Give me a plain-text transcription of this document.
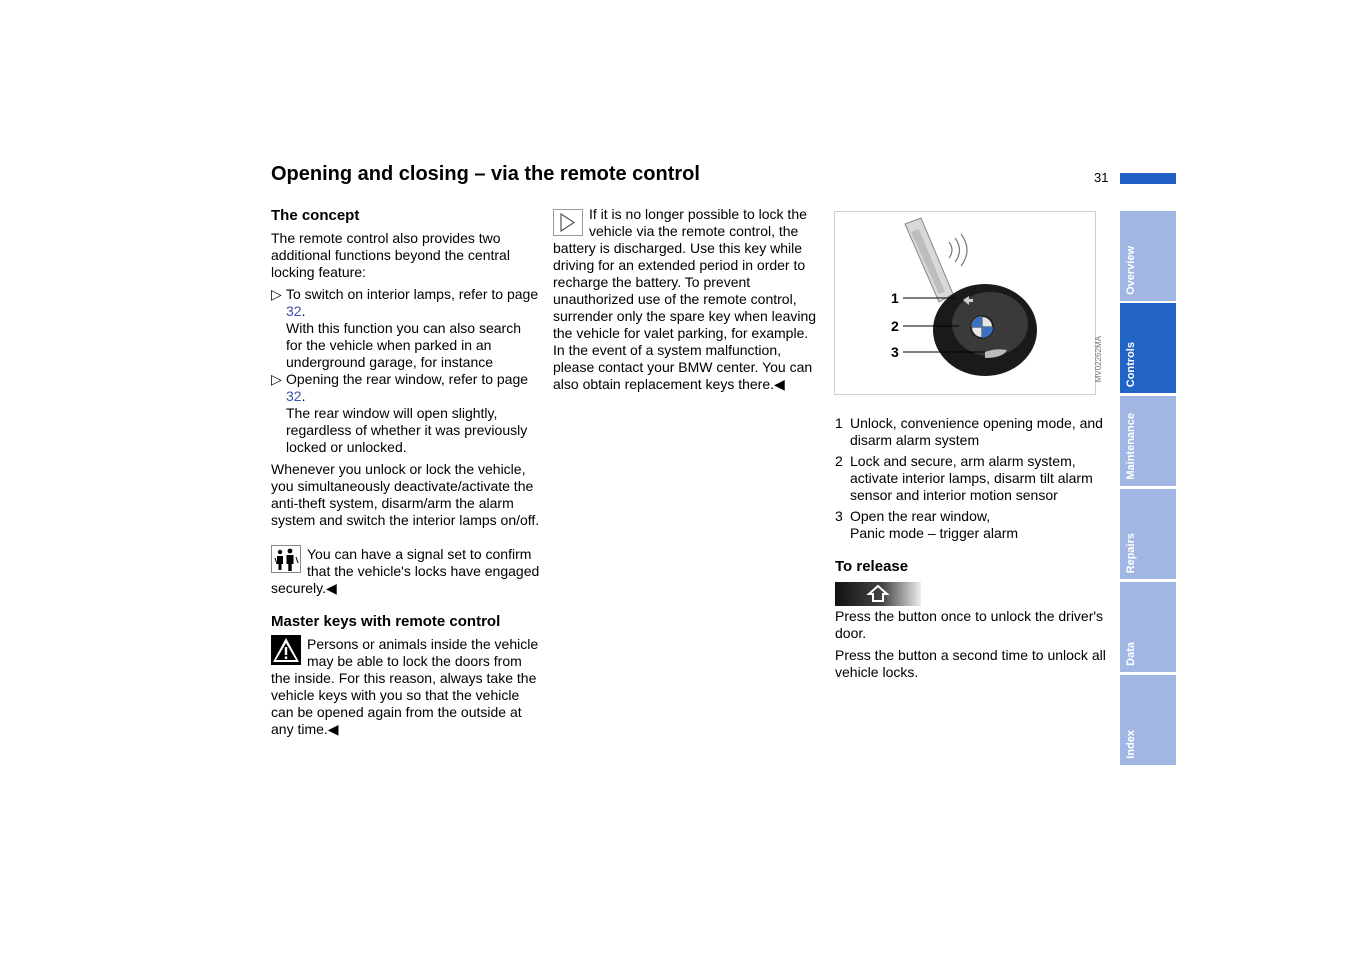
Opening and closing – via the remote control	31
Overview
Controls
Maintenance
Repairs
Data
Index
The concept

The remote control also provides two additional functions beyond the central locking feature:

▷ To switch on interior lamps, refer to page 32.
With this function you can also search for the vehicle when parked in an underground garage, for instance
▷ Opening the rear window, refer to page 32.
The rear window will open slightly, regardless of whether it was previously locked or unlocked.

Whenever you unlock or lock the vehicle, you simultaneously deactivate/activate the anti-theft system, disarm/arm the alarm system and switch the interior lamps on/off.

You can have a signal set to confirm that the vehicle's locks have engaged securely.◀
Master keys with remote control
Persons or animals inside the vehicle may be able to lock the doors from the inside. For this reason, always take the vehicle keys with you so that the vehicle can be opened again from the outside at any time.◀
If it is no longer possible to lock the vehicle via the remote control, the battery is discharged. Use this key while driving for an extended period in order to recharge the battery. To prevent unauthorized use of the remote control, surrender only the spare key when leaving the vehicle for valet parking, for example.

In the event of a system malfunction, please contact your BMW center. You can also obtain replacement keys there.◀

1
2
3	MV02262MA
1 Unlock, convenience opening mode, and disarm alarm system
2 Lock and secure, arm alarm system, activate interior lamps, disarm tilt alarm sensor and interior motion sensor
3 Open the rear window,
Panic mode – trigger alarm
To release

Press the button once to unlock the driver's door.

Press the button a second time to unlock all vehicle locks.
